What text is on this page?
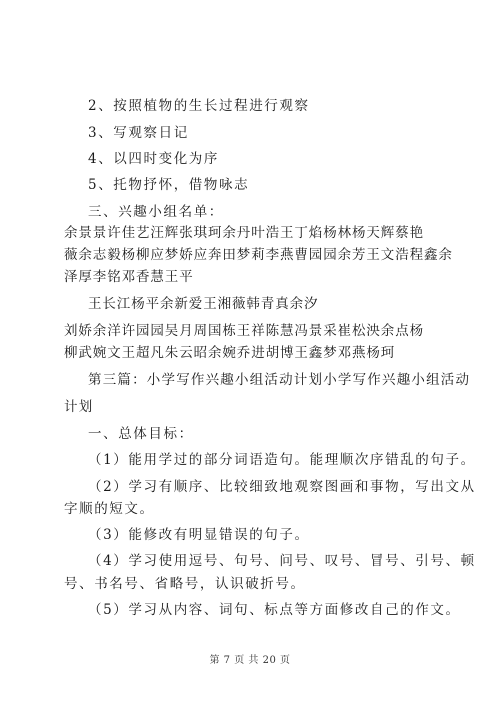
2、按照植物的生长过程进行观察
3、写观察日记
4、以四时变化为序
5、托物抒怀，借物咏志
三、兴趣小组名单：
余景景许佳艺汪辉张琪珂余丹叶浩王丁焰杨林杨天辉蔡艳
薇余志毅杨柳应梦娇应奔田梦莉李燕曹园园余芳王文浩程鑫余
泽厚李铭邓香慧王平
王长江杨平余新爱王湘薇韩青真余汐
刘娇余洋许园园吴月周国栋王祥陈慧冯景采崔松泱余点杨
柳武婉文王超凡朱云昭余婉乔进胡博王鑫梦邓燕杨珂
第三篇：小学写作兴趣小组活动计划小学写作兴趣小组活动
计划
一、总体目标：
（1）能用学过的部分词语造句。能理顺次序错乱的句子。
（2）学习有顺序、比较细致地观察图画和事物，写出文从
字顺的短文。
（3）能修改有明显错误的句子。
（4）学习使用逗号、句号、问号、叹号、冒号、引号、顿
号、书名号、省略号，认识破折号。
（5）学习从内容、词句、标点等方面修改自己的作文。
第 7 页 共 20 页
